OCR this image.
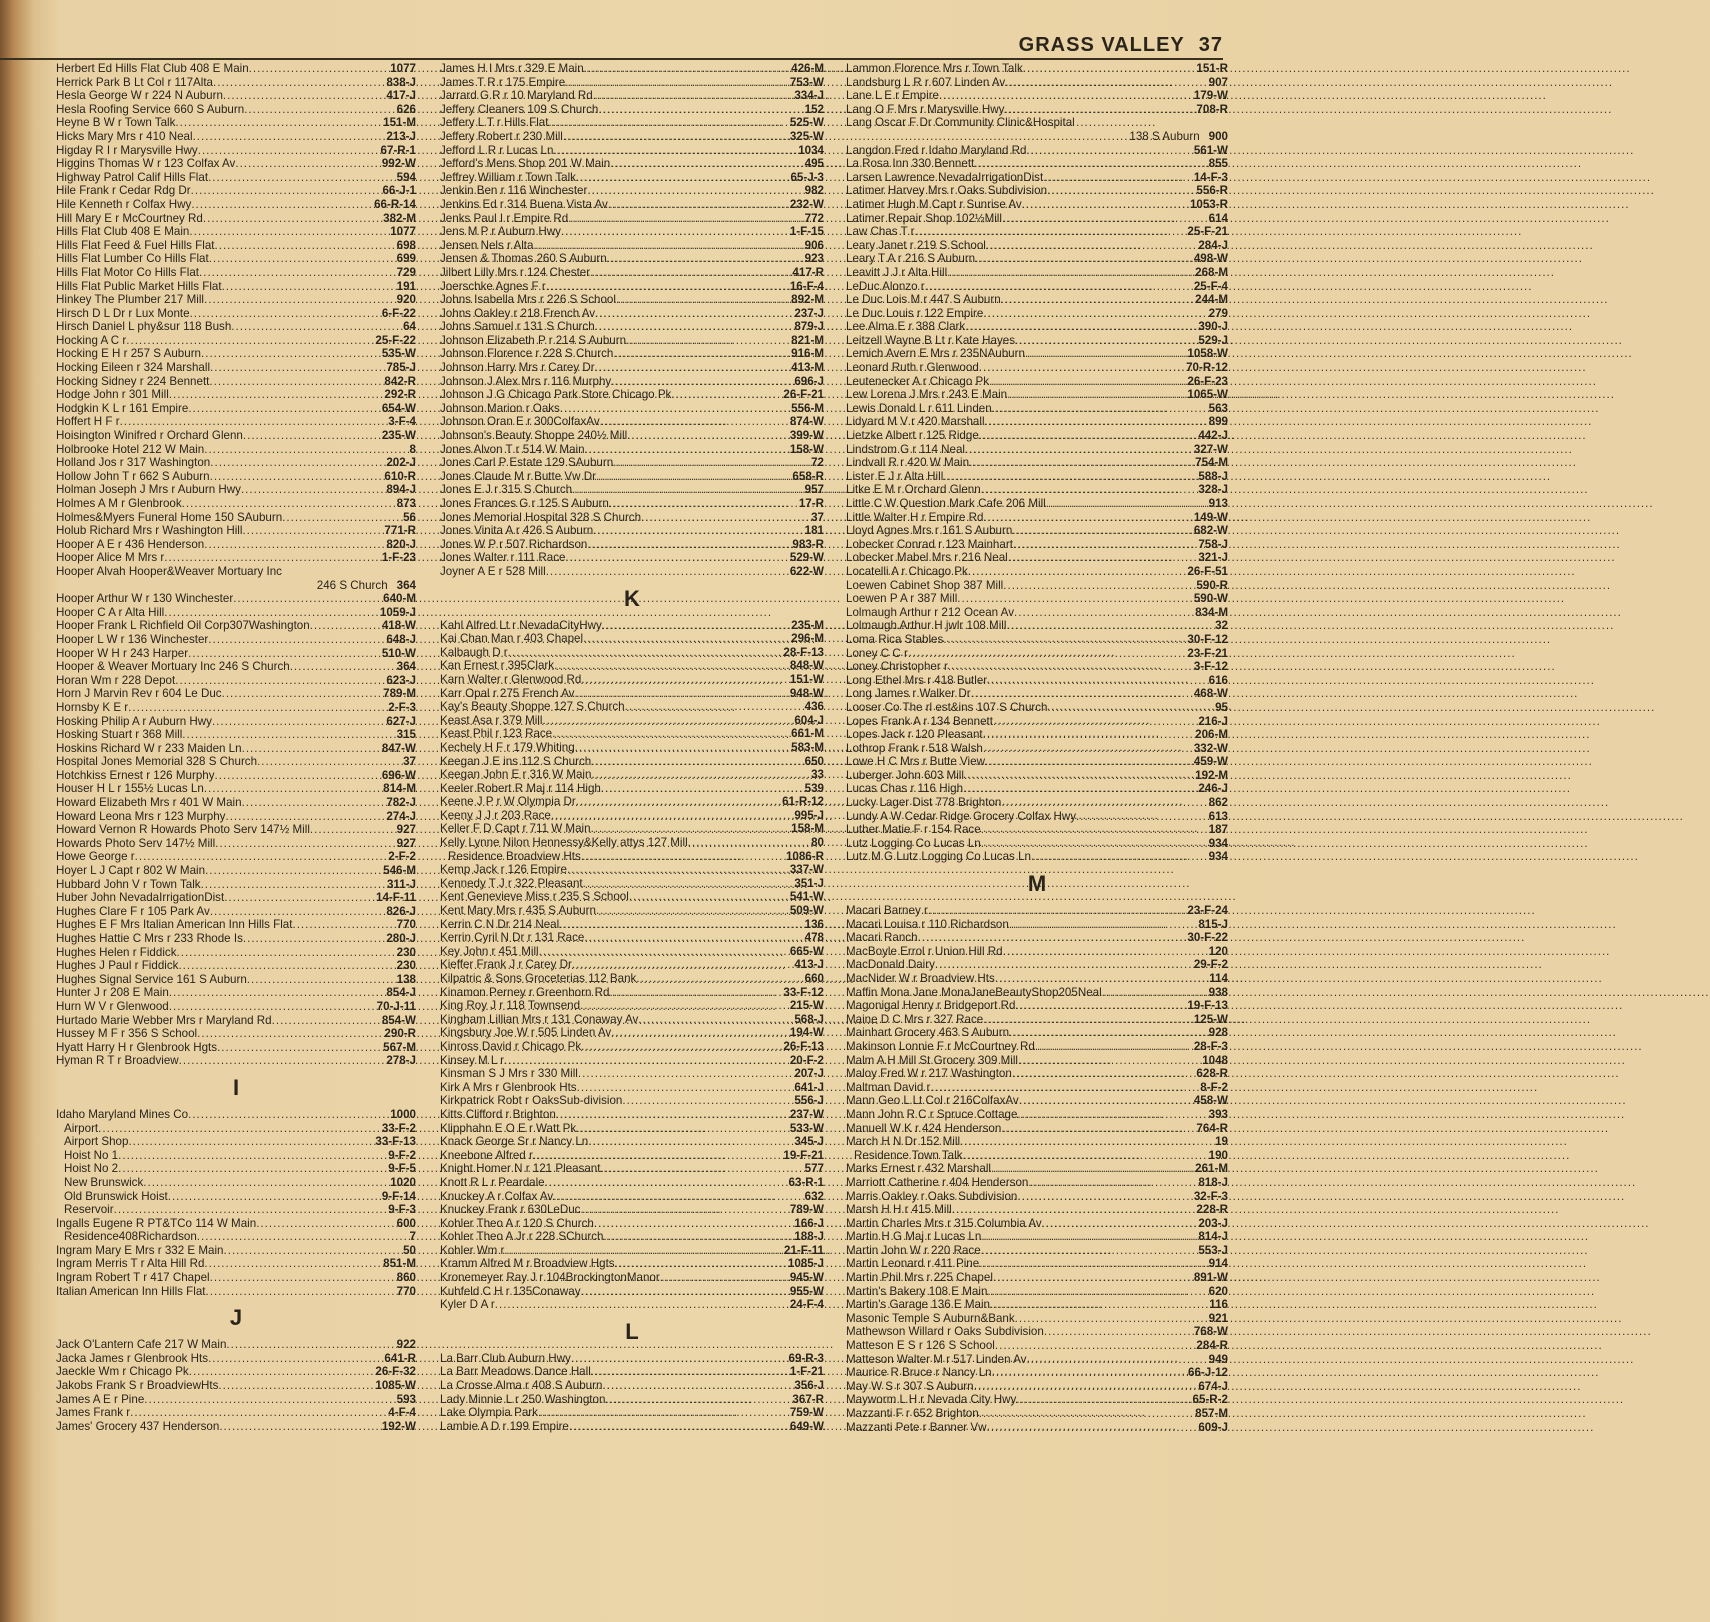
GRASS VALLEY 37
Herbert Ed Hills Flat Club 408 E Main .....	1077
Herrick Park B Lt Col r 117Alta .....	838-J
Hesla George W r 224 N Auburn .....	417-J
Hesla Roofing Service 660 S Auburn .....	626
Heyne B W r Town Talk .....	151-M
Hicks Mary Mrs r 410 Neal .....	213-J
Higday R I r Marysville Hwy .....	67-R-1
Higgins Thomas W r 123 Colfax Av .....	992-W
Highway Patrol Calif Hills Flat .....	594
Hile Frank r Cedar Rdg Dr .....	66-J-1
Hile Kenneth r Colfax Hwy .....	66-R-14
Hill Mary E r McCourtney Rd .....	382-M
Hills Flat Club 408 E Main .....	1077
Hills Flat Feed & Fuel Hills Flat .....	698
Hills Flat Lumber Co Hills Flat .....	699
Hills Flat Motor Co Hills Flat .....	729
Hills Flat Public Market Hills Flat .....	191
Hinkey The Plumber 217 Mill .....	920
Hirsch D L Dr r Lux Monte .....	6-F-22
Hirsch Daniel L phy&sur 118 Bush .....	64
Hocking A C r .....	25-F-22
Hocking E H r 257 S Auburn .....	535-W
Hocking Eileen r 324 Marshall .....	785-J
Hocking Sidney r 224 Bennett .....	842-R
Hodge John r 301 Mill .....	292-R
Hodgkin K L r 161 Empire .....	654-W
Hoffert H F r .....	3-F-4
Hoisington Winifred r Orchard Glenn .....	235-W
Holbrooke Hotel 212 W Main .....	8
Holland Jos r 317 Washington .....	202-J
Hollow John T r 662 S Auburn .....	610-R
Holman Joseph J Mrs r Auburn Hwy .....	894-J
Holmes A M r Glenbrook .....	873
Holmes&Myers Funeral Home 150 SAuburn .....	56
Holub Richard Mrs r Washington Hill .....	771-R
Hooper A E r 436 Henderson .....	820-J
Hooper Alice M Mrs r .....	1-F-23
Hooper Alvah Hooper&Weaver Mortuary Inc
246 S Church 364
Hooper Arthur W r 130 Winchester .....	640-M
Hooper C A r Alta Hill .....	1059-J
Hooper Frank L Richfield Oil Corp307Washington .....	418-W
Hooper L W r 136 Winchester .....	648-J
Hooper W H r 243 Harper .....	510-W
Hooper & Weaver Mortuary Inc 246 S Church .....	364
Horan Wm r 228 Depot .....	623-J
Horn J Marvin Rev r 604 Le Duc .....	789-M
Hornsby K E r .....	2-F-3
Hosking Philip A r Auburn Hwy .....	627-J
Hosking Stuart r 368 Mill .....	315
Hoskins Richard W r 233 Maiden Ln .....	847-W
Hospital Jones Memorial 328 S Church .....	37
Hotchkiss Ernest r 126 Murphy .....	696-W
Houser H L r 155½ Lucas Ln .....	814-M
Howard Elizabeth Mrs r 401 W Main .....	782-J
Howard Leona Mrs r 123 Murphy .....	274-J
Howard Vernon R Howards Photo Serv 147½ Mill .....	927
Howards Photo Serv 147½ Mill .....	927
Howe George r .....	2-F-2
Hoyer L J Capt r 802 W Main .....	546-M
Hubbard John V r Town Talk .....	311-J
Huber John NevadaIrrigationDist .....	14-F-11
Hughes Clare F r 105 Park Av .....	826-J
Hughes E F Mrs Italian American Inn Hills Flat .....	770
Hughes Hattie C Mrs r 233 Rhode Is .....	280-J
Hughes Helen r Fiddick .....	230
Hughes J Paul r Fiddick .....	230
Hughes Signal Service 161 S Auburn .....	138
Hunter J r 208 E Main .....	854-J
Hurn W V r Glenwood .....	70-J-11
Hurtado Marie Webber Mrs r Maryland Rd .....	854-W
Hussey M F r 356 S School .....	290-R
Hyatt Harry H r Glenbrook Hgts .....	567-M
Hyman R T r Broadview .....	278-J
I
Idaho Maryland Mines Co .....	1000
Airport .....	33-F-2
Airport Shop .....	33-F-13
Hoist No 1 .....	9-F-2
Hoist No 2 .....	9-F-5
New Brunswick .....	1020
Old Brunswick Hoist .....	9-F-14
Reservoir .....	9-F-3
Ingalls Eugene R PT&TCo 114 W Main .....	600
Residence408Richardson .....	7
Ingram Mary E Mrs r 332 E Main .....	50
Ingram Merris T r Alta Hill Rd .....	851-M
Ingram Robert T r 417 Chapel .....	860
Italian American Inn Hills Flat .....	770
J
Jack O'Lantern Cafe 217 W Main .....	922
Jacka James r Glenbrook Hts .....	641-R
Jaeckle Wm r Chicago Pk .....	26-F-32
Jakobs Frank S r BroadviewHts .....	1085-W
James A E r Pine .....	593
James Frank r .....	4-F-4
James' Grocery 437 Henderson .....	192-W
James H I Mrs r 329 E Main .....	426-M
James T R r 175 Empire .....	753-W
Jarrard G R r 10 Maryland Rd .....	334-J
Jeffery Cleaners 109 S Church .....	152
Jeffery L T r Hills Flat .....	525-W
Jeffery Robert r 230 Mill .....	325-W
Jefford L R r Lucas Ln .....	1034
Jefford's Mens Shop 201 W Main .....	495
Jeffrey William r Town Talk .....	65-J-3
Jenkin Ben r 116 Winchester .....	982
Jenkins Ed r 314 Buena Vista Av .....	232-W
Jenks Paul I r Empire Rd .....	772
Jens M P r Auburn Hwy .....	1-F-15
Jensen Nels r Alta .....	906
Jensen & Thomas 260 S Auburn .....	923
Jilbert Lilly Mrs r 124 Chester .....	417-R
Joerschke Agnes F r .....	16-F-4
Johns Isabella Mrs r 226 S School .....	892-M
Johns Oakley r 218 French Av .....	237-J
Johns Samuel r 131 S Church .....	879-J
Johnson Elizabeth P r 214 S Auburn .....	821-M
Johnson Florence r 228 S Church .....	916-M
Johnson Harry Mrs r Carey Dr .....	413-M
Johnson J Alex Mrs r 116 Murphy .....	696-J
Johnson J G Chicago Park Store Chicago Pk .....	26-F-21
Johnson Marion r Oaks .....	556-M
Johnson Oran E r 300ColfaxAv .....	874-W
Johnson's Beauty Shoppe 240½ Mill .....	399-W
Jones Alvon T r 514 W Main .....	158-W
Jones Carl P Estate 129 SAuburn .....	72
Jones Claude M r Butte Vw Dr .....	658-R
Jones E J r 315 S Church .....	957
Jones Frances G r 125 S Auburn .....	17-R
Jones Memorial Hospital 328 S Church .....	37
Jones Vinita A r 426 S Auburn .....	181
Jones W P r 507 Richardson .....	983-R
Jones Walter r 111 Race .....	529-W
Joyner A E r 528 Mill .....	622-W
K
Kahl Alfred Lt r NevadaCityHwy .....	235-M
Kai Chan Man r 403 Chapel .....	296-M
Kalbaugh D r .....	28-F-13
Kan Ernest r 395Clark .....	848-W
Karn Walter r Glenwood Rd .....	151-W
Karr Opal r 275 French Av .....	948-W
Kay's Beauty Shoppe 127 S Church .....	436
Keast Asa r 379 Mill .....	604-J
Keast Phil r 123 Race .....	661-M
Kechely H F r 179 Whiting .....	583-M
Keegan J E ins 112 S Church .....	650
Keegan John E r 316 W Main .....	33
Keeler Robert R Maj r 114 High .....	539
Keene J P r W Olympia Dr .....	61-R-12
Keeny J J r 203 Race .....	995-J
Keller F D Capt r 711 W Main .....	158-M
Kelly Lynne Nilon Hennessy&Kelly attys 127 Mill .....	80
Residence Broadview Hts .....	1086-R
Kemp Jack r 126 Empire .....	337-W
Kennedy T J r 322 Pleasant .....	351-J
Kent Genevieve Miss r 235 S School .....	541-W
Kent Mary Mrs r 435 S Auburn .....	509-W
Kerrin C N Dr 214 Neal .....	136
Kerrin Cyril N Dr r 131 Race .....	478
Key John r 451 Mill .....	665-W
Kieffer Frank J r Carey Dr .....	413-J
Kilpatric & Sons Groceterias 112 Bank .....	660
Kinamon Perney r Greenhorn Rd .....	33-F-12
King Roy J r 118 Townsend .....	215-W
Kingham Lillian Mrs r 131 Conaway Av .....	568-J
Kingsbury Joe W r 505 Linden Av .....	194-W
Kinross David r Chicago Pk .....	26-F-13
Kinsey M L r .....	20-F-2
Kinsman S J Mrs r 330 Mill .....	207-J
Kirk A Mrs r Glenbrook Hts .....	641-J
Kirkpatrick Robt r OaksSub-division .....	556-J
Kitts Clifford r Brighton .....	237-W
Klipphahn E O E r Watt Pk .....	533-W
Knack George Sr r Nancy Ln .....	345-J
Kneebone Alfred r .....	19-F-21
Knight Homer N r 121 Pleasant .....	577
Knott R L r Peardale .....	63-R-1
Knuckey A r Colfax Av .....	632
Knuckey Frank r 630LeDuc .....	789-W
Kohler Theo A r 120 S Church .....	166-J
Kohler Theo A Jr r 228 SChurch .....	188-J
Kohler Wm r .....	21-F-11
Kramm Alfred M r Broadview Hgts .....	1085-J
Kronemeyer Ray J r 104BrockingtonManor .....	945-W
Kuhfeld C H r 135Conaway .....	955-W
Kyler D A r .....	24-F-4
L
La Barr Club Auburn Hwy .....	69-R-3
La Barr Meadows Dance Hall .....	1-F-21
La Crosse Alma r 408 S Auburn .....	356-J
Lady Minnie L r 250 Washington .....	367-R
Lake Olympia Park .....	759-W
Lambie A D r 199 Empire .....	649-W
Lammon Florence Mrs r Town Talk .....	151-R
Landsburg L R r 607 Linden Av .....	907
Lane L E r Empire .....	179-W
Lang O F Mrs r Marysville Hwy .....	708-R
Lang Oscar F Dr Community Clinic&Hospital
138 S Auburn 900
Langdon Fred r Idaho Maryland Rd .....	561-W
La Rosa Inn 330 Bennett .....	855
Larsen Lawrence NevadaIrrigationDist .....	14-F-3
Latimer Harvey Mrs r Oaks Subdivision .....	556-R
Latimer Hugh M Capt r Sunrise Av .....	1053-R
Latimer Repair Shop 102½Mill .....	614
Law Chas T r .....	25-F-21
Leary Janet r 219 S School .....	284-J
Leary T A r 216 S Auburn .....	498-W
Leavitt J J r Alta Hill .....	268-M
LeDuc Alonzo r .....	25-F-4
Le Duc Lois M r 447 S Auburn .....	244-M
Le Duc Louis r 122 Empire .....	279
Lee Alma E r 388 Clark .....	390-J
Leitzell Wayne B Lt r Kate Hayes .....	529-J
Lemich Avern E Mrs r 235NAuburn .....	1058-W
Leonard Ruth r Glenwood .....	70-R-12
Leutenecker A r Chicago Pk .....	26-F-23
Lew Lorena J Mrs r 243 E Main .....	1065-W
Lewis Donald L r 611 Linden .....	563
Lidyard M V r 420 Marshall .....	899
Lietzke Albert r 125 Ridge .....	442-J
Lindstrom G r 114 Neal .....	327-W
Lindvall R r 420 W Main .....	754-M
Lister E J r Alta Hill .....	588-J
Litke E M r Orchard Glenn .....	328-J
Little C W Question Mark Cafe 206 Mill .....	913
Little Walter H r Empire Rd .....	149-W
Lloyd Agnes Mrs r 161 S Auburn .....	682-W
Lobecker Conrad r 123 Mainhart .....	758-J
Lobecker Mabel Mrs r 216 Neal .....	321-J
Locatelli A r Chicago Pk .....	26-F-51
Loewen Cabinet Shop 387 Mill .....	590-R
Loewen P A r 387 Mill .....	590-W
Lolmaugh Arthur r 212 Ocean Av .....	834-M
Lolmaugh Arthur H jwlr 108 Mill .....	32
Loma Rica Stables .....	30-F-12
Loney C C r .....	23-F-21
Loney Christopher r .....	3-F-12
Long Ethel Mrs r 418 Butler .....	616
Long James r Walker Dr .....	468-W
Looser Co The rl est&ins 107 S Church .....	95
Lopes Frank A r 134 Bennett .....	216-J
Lopes Jack r 120 Pleasant .....	206-M
Lothrop Frank r 518 Walsh .....	332-W
Lowe H C Mrs r Butte View .....	459-W
Luberger John 603 Mill .....	192-M
Lucas Chas r 116 High .....	246-J
Lucky Lager Dist 778 Brighton .....	862
Lundy A W Cedar Ridge Grocery Colfax Hwy .....	613
Luther Matie F r 154 Race .....	187
Lutz Logging Co Lucas Ln .....	934
Lutz M G Lutz Logging Co Lucas Ln .....	934
M
Macari Barney r .....	23-F-24
Macari Louisa r 110 Richardson .....	815-J
Macari Ranch .....	30-F-22
MacBoyle Errol r Union Hill Rd .....	120
MacDonald Dairy .....	29-F-2
MacNider W r Broadview Hts .....	114
Maffin Mona Jane MonaJaneBeautyShop205Neal .....	938
Magonigal Henry r Bridgeport Rd .....	19-F-13
Maine D C Mrs r 327 Race .....	125-W
Mainhart Grocery 463 S Auburn .....	928
Makinson Lonnie F r McCourtney Rd .....	28-F-3
Malm A H Mill St Grocery 309 Mill .....	1048
Maloy Fred W r 217 Washington .....	628-R
Maltman David r .....	8-F-2
Mann Geo L Lt Col r 216ColfaxAv .....	458-W
Mann John R C r Spruce Cottage .....	393
Manuell W K r 424 Henderson .....	764-R
March H N Dr 152 Mill .....	19
Residence Town Talk .....	190
Marks Ernest r 432 Marshall .....	261-M
Marriott Catherine r 404 Henderson .....	818-J
Marris Oakley r Oaks Subdivision .....	32-F-3
Marsh H H r 415 Mill .....	228-R
Martin Charles Mrs r 315 Columbia Av .....	203-J
Martin H G Maj r Lucas Ln .....	814-J
Martin John W r 220 Race .....	553-J
Martin Leonard r 411 Pine .....	914
Martin Phil Mrs r 225 Chapel .....	891-W
Martin's Bakery 108 E Main .....	620
Martin's Garage 136 E Main .....	116
Masonic Temple S Auburn&Bank .....	921
Mathewson Willard r Oaks Subdivision .....	768-W
Matteson E S r 126 S School .....	284-R
Matteson Walter M r 517 Linden Av .....	949
Maurice R Bruce r Nancy Ln .....	66-J-12
May W S r 307 S Auburn .....	674-J
Mayworm L H r Nevada City Hwy .....	65-R-2
Mazzanti F r 652 Brighton .....	857-M
Mazzanti Pete r Banner Vw .....	609-J
